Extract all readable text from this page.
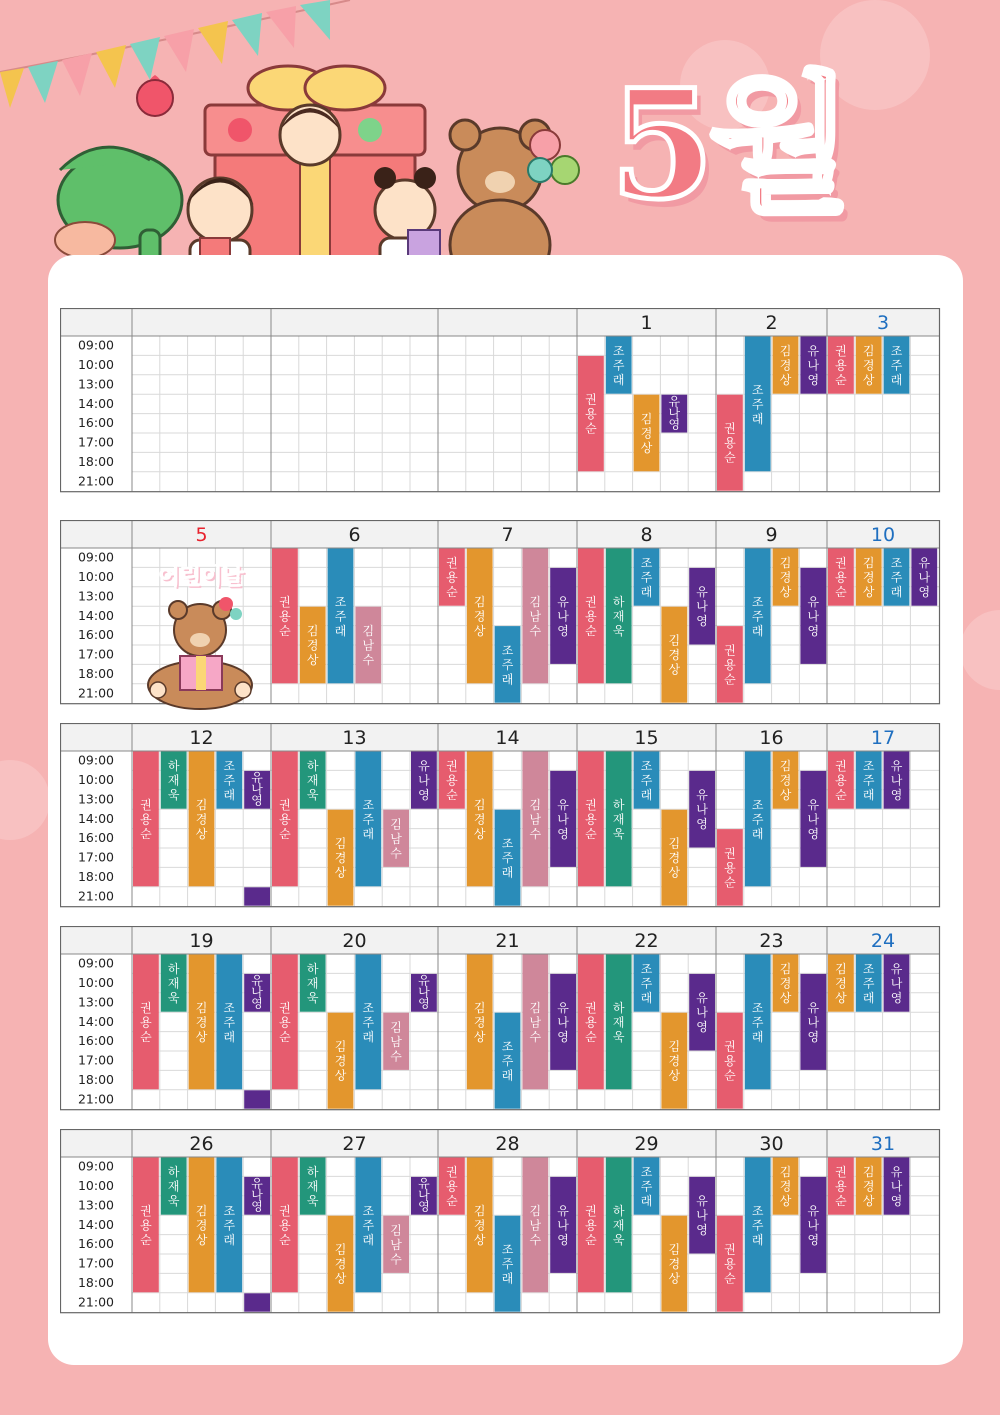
5월
권
용
순
조
주
래
김
경
상
유
나
영
1
권
용
순
조
주
래
김
경
상
유
나
영
2
권
용
순
김
경
상
조
주
래
3
09:00
10:00
13:00
14:00
16:00
17:00
18:00
21:00
5
권
용
순 김
경
상
조
주
래 김
남
수
6
권
용
순
김
경
상
조
주
래
김
남
수
유
나
영
7
권
용
순
하
재
욱
조
주
래
김
경
상
유
나
영
8
권
용
순
조
주
래
김
경
상
유
나
영
9
권
용
순
김
경
상
조
주
래
유
나
영
10
09:00
10:00
13:00
14:00
16:00
17:00
18:00
21:00
권
용
순
하
재
욱
김
경
상
조
주
래
유
나
영
12
권
용
순
하
재
욱
김
경
상
조
주
래
김
남
수
유
나
영
13
권
용
순
김
경
상
조
주
래
김
남
수
유
나
영
14
권
용
순
하
재
욱
조
주
래
김
경
상
유
나
영
15
권
용
순
조
주
래
김
경
상
유
나
영
16
권
용
순
조
주
래
유
나
영
17
09:00
10:00
13:00
14:00
16:00
17:00
18:00
21:00
권
용
순
하
재
욱
김
경
상
조
주
래
유
나
영
19
권
용
순
하
재
욱
김
경
상
조
주
래
김
남
수
유
나
영
20
김
경
상
조
주
래
김
남
수
유
나
영
21
권
용
순
하
재
욱
조
주
래
김
경
상
유
나
영
22
권
용
순
조
주
래
김
경
상
유
나
영
23
김
경
상
조
주
래
유
나
영
24
09:00
10:00
13:00
14:00
16:00
17:00
18:00
21:00
권
용
순
하
재
욱
김
경
상
조
주
래
유
나
영
26
권
용
순
하
재
욱
김
경
상
조
주
래
김
남
수
유
나
영
27
권
용
순
김
경
상
조
주
래
김
남
수
유
나
영
28
권
용
순
하
재
욱
조
주
래
김
경
상
유
나
영
29
권
용
순
조
주
래
김
경
상
유
나
영
30
권
용
순
김
경
상
유
나
영
31
09:00
10:00
13:00
14:00
16:00
17:00
18:00
21:00
어린이날
